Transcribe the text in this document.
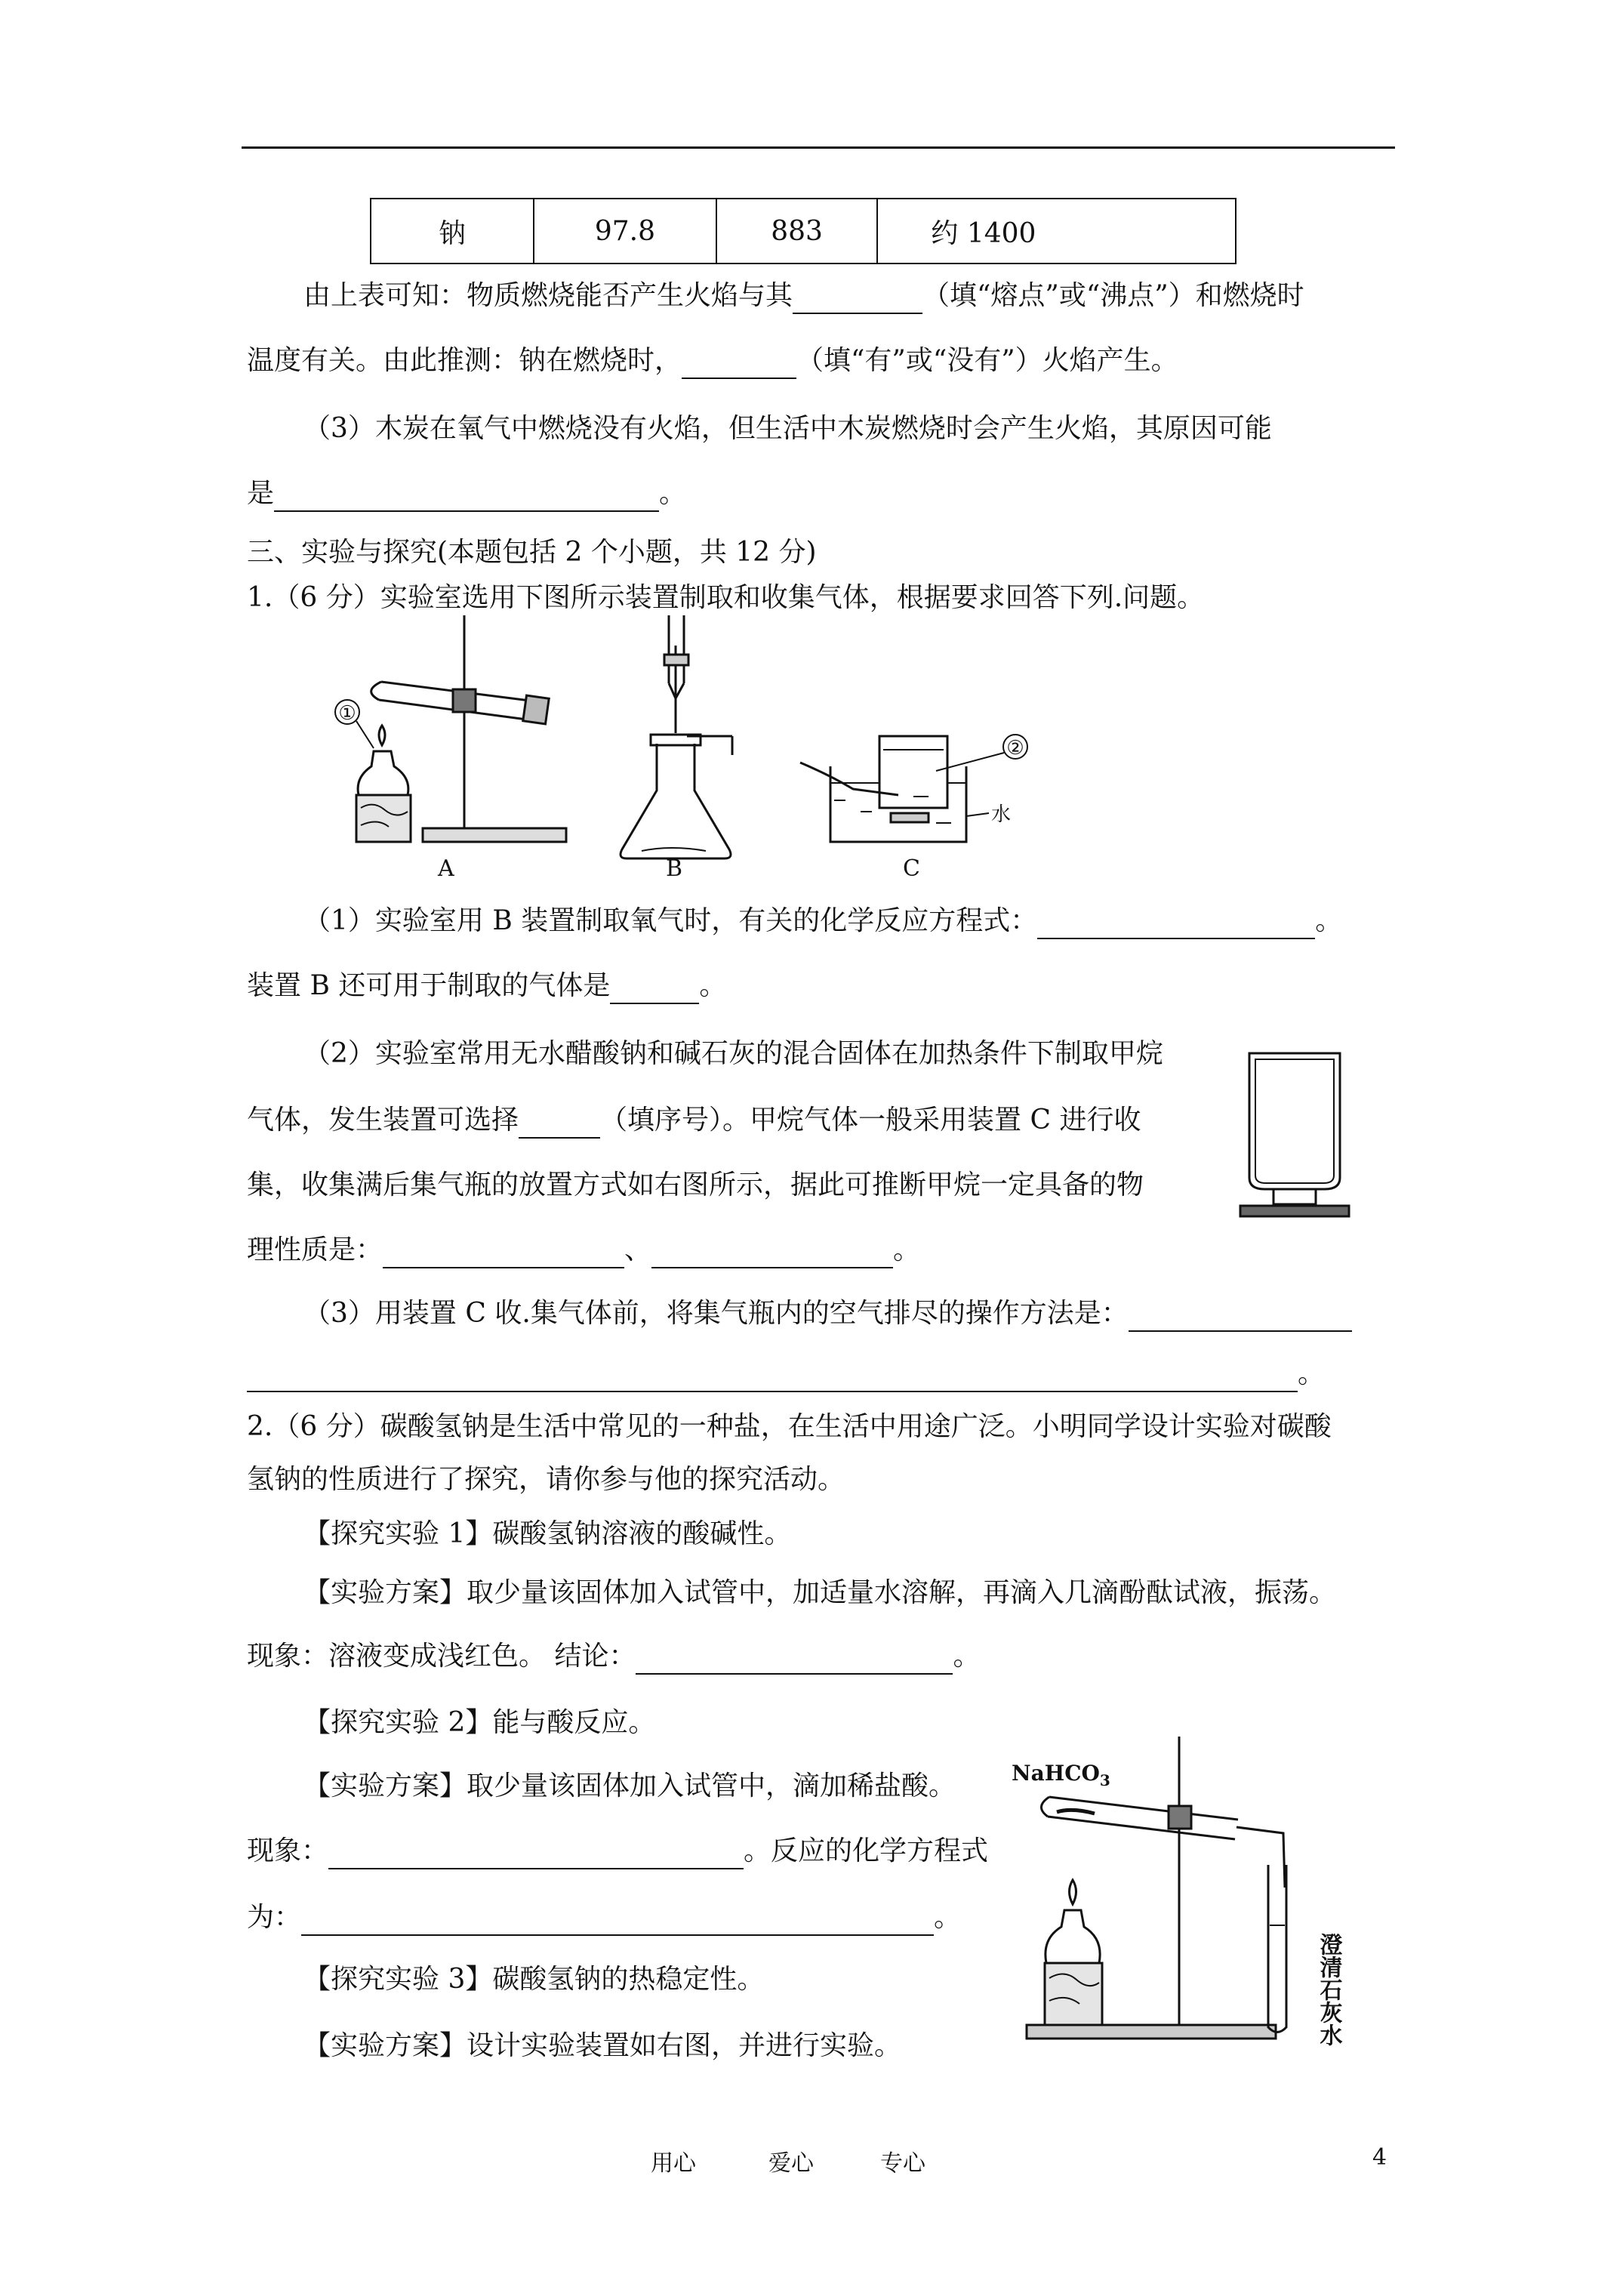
钠	97.8	883	约 1400
由上表可知：物质燃烧能否产生火焰与其	（填“熔点”或“沸点”）和燃烧时
温度有关。由此推测：钠在燃烧时，	（填“有”或“没有”）火焰产生。
（3）木炭在氧气中燃烧没有火焰，但生活中木炭燃烧时会产生火焰，其原因可能
是	。
三、实验与探究(本题包括 2 个小题，共 12 分)
1.（6 分）实验室选用下图所示装置制取和收集气体，根据要求回答下列.问题。
①
②
水
A	B	C
（1）实验室用 B 装置制取氧气时，有关的化学反应方程式：	。
装置 B 还可用于制取的气体是	。
（2）实验室常用无水醋酸钠和碱石灰的混合固体在加热条件下制取甲烷
气体，发生装置可选择	（填序号）。甲烷气体一般采用装置 C 进行收
集，收集满后集气瓶的放置方式如右图所示，据此可推断甲烷一定具备的物
理性质是：	、	。
（3）用装置 C 收.集气体前，将集气瓶内的空气排尽的操作方法是：
。
2.（6 分）碳酸氢钠是生活中常见的一种盐，在生活中用途广泛。小明同学设计实验对碳酸
氢钠的性质进行了探究，请你参与他的探究活动。
【探究实验 1】碳酸氢钠溶液的酸碱性。
【实验方案】取少量该固体加入试管中，加适量水溶解，再滴入几滴酚酞试液，振荡。
现象：溶液变成浅红色。 结论：	。
【探究实验 2】能与酸反应。
【实验方案】取少量该固体加入试管中，滴加稀盐酸。
现象：	。反应的化学方程式
为：	。
【探究实验 3】碳酸氢钠的热稳定性。
【实验方案】设计实验装置如右图，并进行实验。
NaHCO$_3$
澄清石灰水
用心	爱心	专心	4
